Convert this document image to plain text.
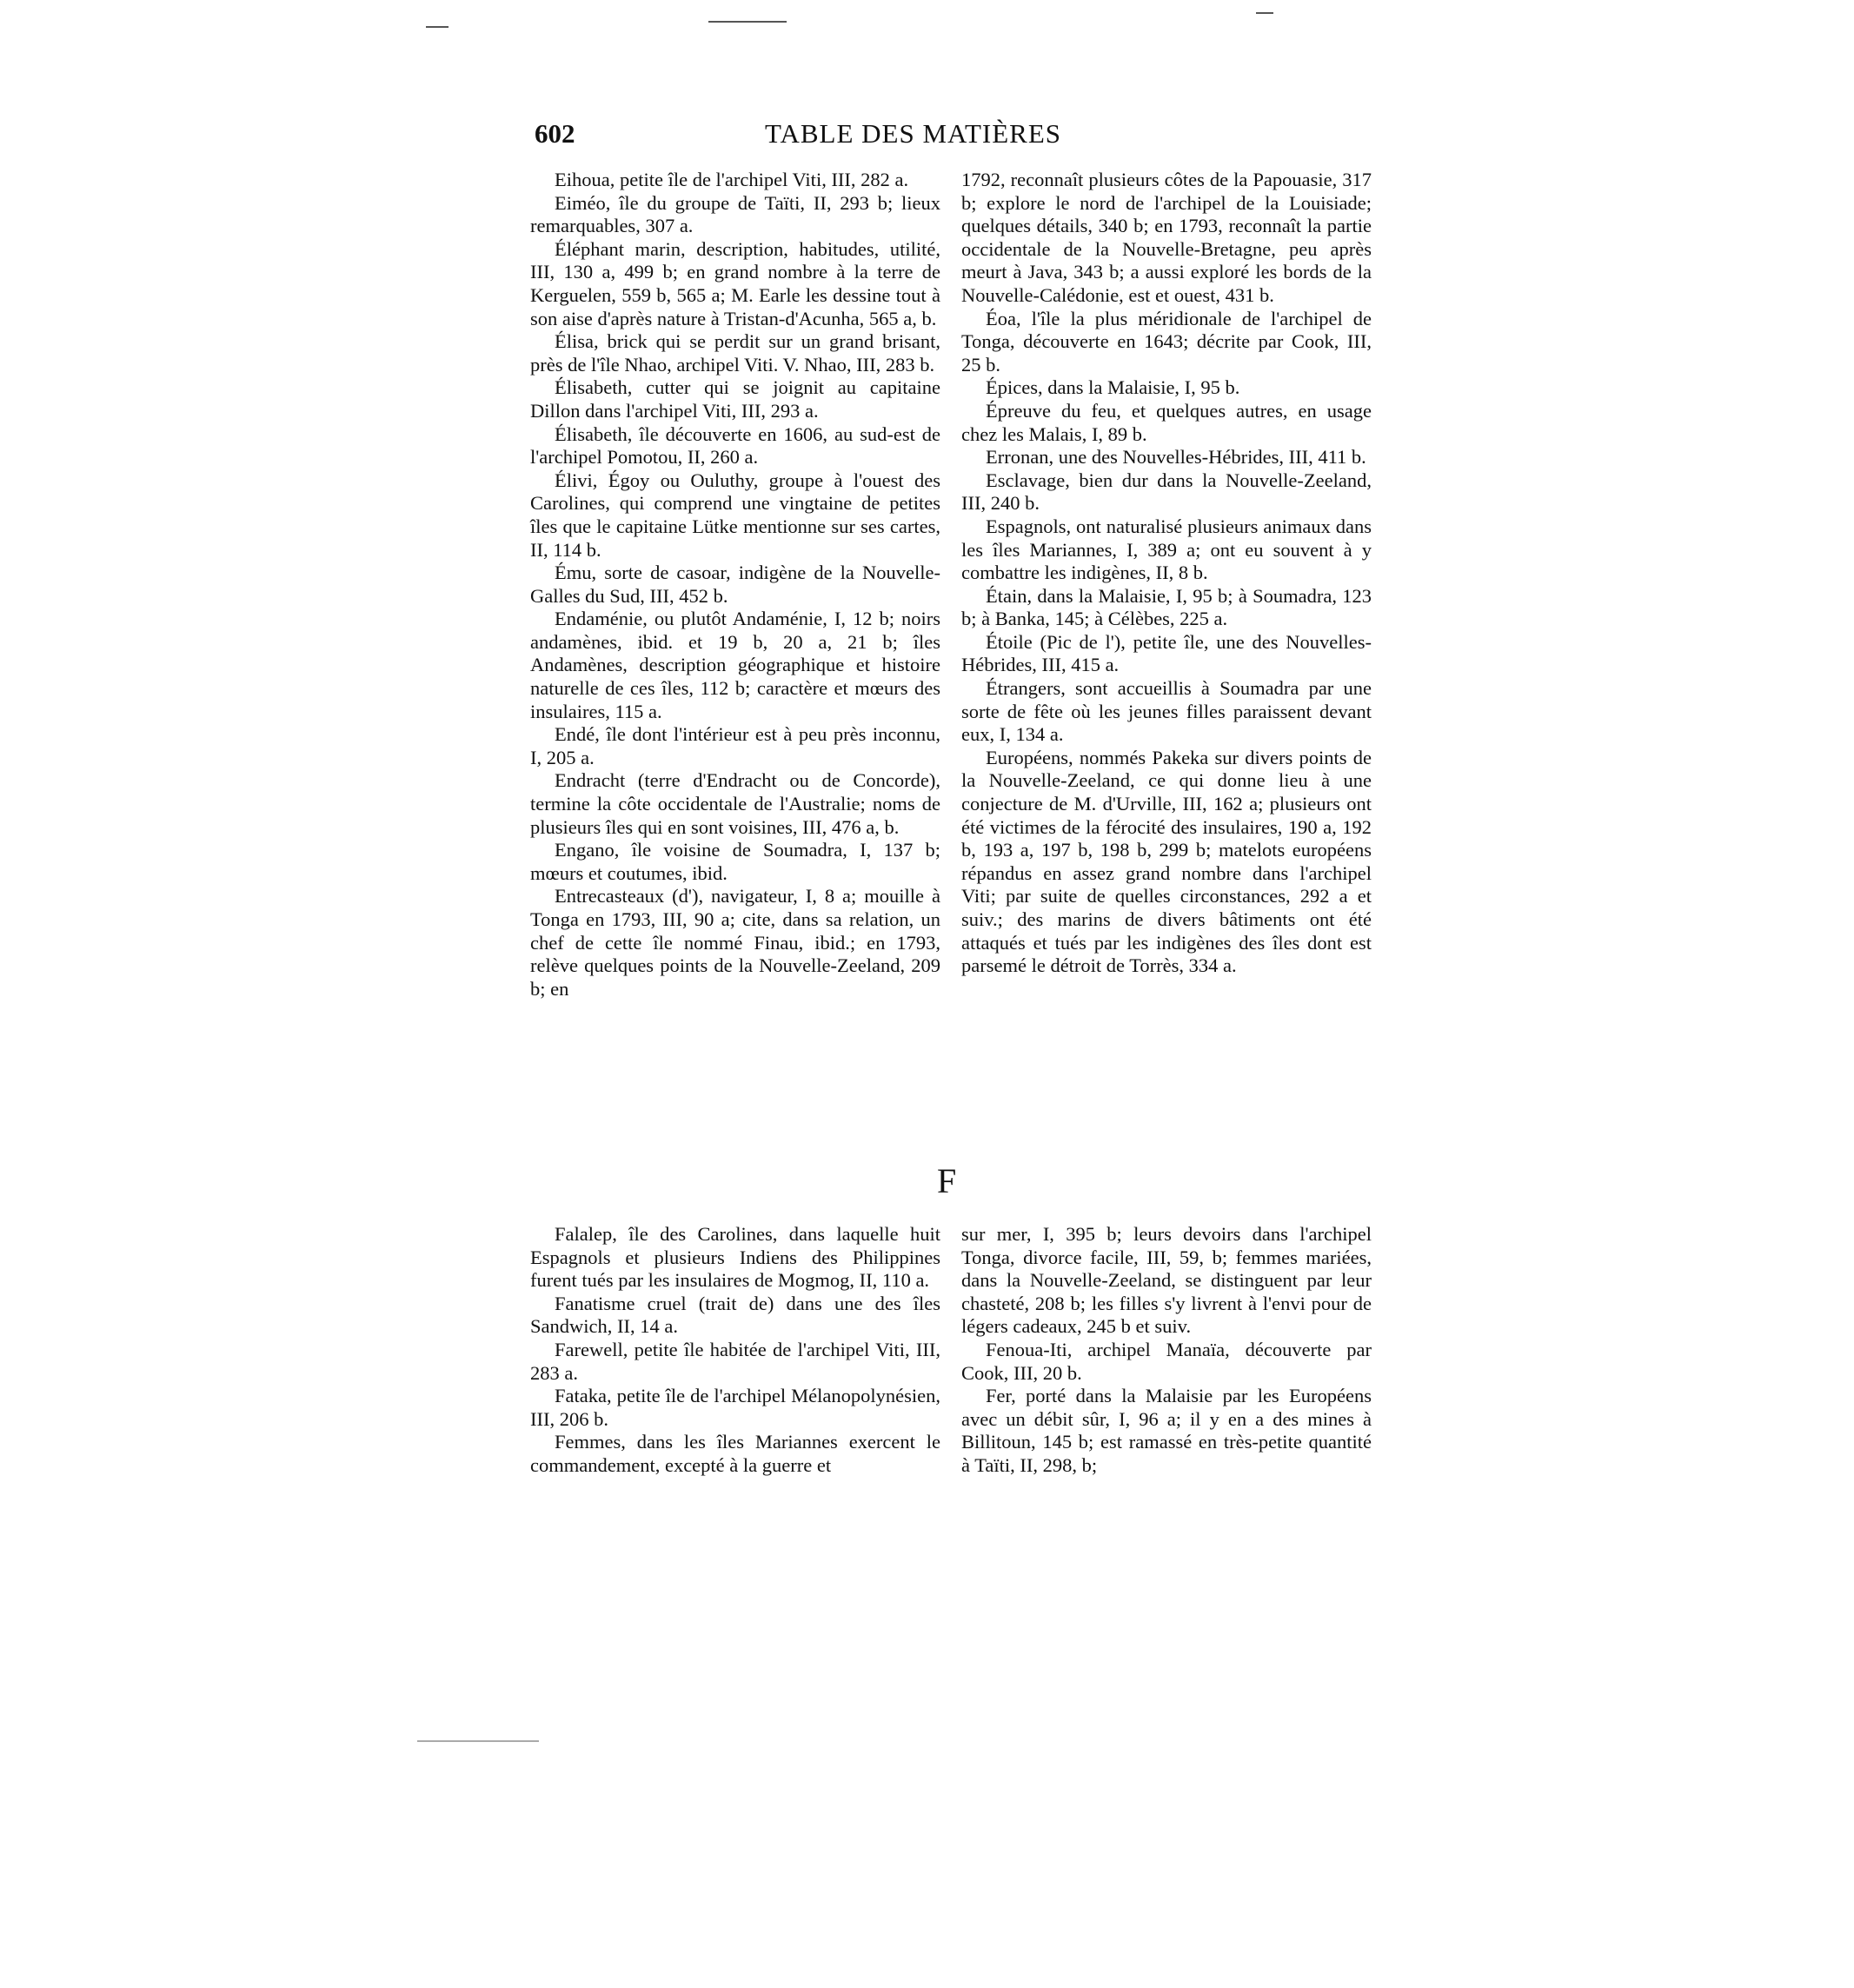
602	TABLE DES MATIÈRES

Eihoua, petite île de l'archipel Viti, III, 282 a.

Eiméo, île du groupe de Taïti, II, 293 b; lieux remarquables, 307 a.

Éléphant marin, description, habitudes, utilité, III, 130 a, 499 b; en grand nombre à la terre de Kerguelen, 559 b, 565 a; M. Earle les dessine tout à son aise d'après nature à Tristan-d'Acunha, 565 a, b.

Élisa, brick qui se perdit sur un grand brisant, près de l'île Nhao, archipel Viti. V. Nhao, III, 283 b.

Élisabeth, cutter qui se joignit au capitaine Dillon dans l'archipel Viti, III, 293 a.

Élisabeth, île découverte en 1606, au sud-est de l'archipel Pomotou, II, 260 a.

Élivi, Égoy ou Ouluthy, groupe à l'ouest des Carolines, qui comprend une vingtaine de petites îles que le capitaine Lütke mentionne sur ses cartes, II, 114 b.

Ému, sorte de casoar, indigène de la Nouvelle-Galles du Sud, III, 452 b.

Endaménie, ou plutôt Andaménie, I, 12 b; noirs andamènes, ibid. et 19 b, 20 a, 21 b; îles Andamènes, description géographique et histoire naturelle de ces îles, 112 b; caractère et mœurs des insulaires, 115 a.

Endé, île dont l'intérieur est à peu près inconnu, I, 205 a.

Endracht (terre d'Endracht ou de Concorde), termine la côte occidentale de l'Australie; noms de plusieurs îles qui en sont voisines, III, 476 a, b.

Engano, île voisine de Soumadra, I, 137 b; mœurs et coutumes, ibid.

Entrecasteaux (d'), navigateur, I, 8 a; mouille à Tonga en 1793, III, 90 a; cite, dans sa relation, un chef de cette île nommé Finau, ibid.; en 1793, relève quelques points de la Nouvelle-Zeeland, 209 b; en

1792, reconnaît plusieurs côtes de la Papouasie, 317 b; explore le nord de l'archipel de la Louisiade; quelques détails, 340 b; en 1793, reconnaît la partie occidentale de la Nouvelle-Bretagne, peu après meurt à Java, 343 b; a aussi exploré les bords de la Nouvelle-Calédonie, est et ouest, 431 b.

Éoa, l'île la plus méridionale de l'archipel de Tonga, découverte en 1643; décrite par Cook, III, 25 b.

Épices, dans la Malaisie, I, 95 b.

Épreuve du feu, et quelques autres, en usage chez les Malais, I, 89 b.

Erronan, une des Nouvelles-Hébrides, III, 411 b.

Esclavage, bien dur dans la Nouvelle-Zeeland, III, 240 b.

Espagnols, ont naturalisé plusieurs animaux dans les îles Mariannes, I, 389 a; ont eu souvent à y combattre les indigènes, II, 8 b.

Étain, dans la Malaisie, I, 95 b; à Soumadra, 123 b; à Banka, 145; à Célèbes, 225 a.

Étoile (Pic de l'), petite île, une des Nouvelles-Hébrides, III, 415 a.

Étrangers, sont accueillis à Soumadra par une sorte de fête où les jeunes filles paraissent devant eux, I, 134 a.

Européens, nommés Pakeka sur divers points de la Nouvelle-Zeeland, ce qui donne lieu à une conjecture de M. d'Urville, III, 162 a; plusieurs ont été victimes de la férocité des insulaires, 190 a, 192 b, 193 a, 197 b, 198 b, 299 b; matelots européens répandus en assez grand nombre dans l'archipel Viti; par suite de quelles circonstances, 292 a et suiv.; des marins de divers bâtiments ont été attaqués et tués par les indigènes des îles dont est parsemé le détroit de Torrès, 334 a.

F

Falalep, île des Carolines, dans laquelle huit Espagnols et plusieurs Indiens des Philippines furent tués par les insulaires de Mogmog, II, 110 a.

Fanatisme cruel (trait de) dans une des îles Sandwich, II, 14 a.

Farewell, petite île habitée de l'archipel Viti, III, 283 a.

Fataka, petite île de l'archipel Mélanopolynésien, III, 206 b.

Femmes, dans les îles Mariannes exercent le commandement, excepté à la guerre et

sur mer, I, 395 b; leurs devoirs dans l'archipel Tonga, divorce facile, III, 59, b; femmes mariées, dans la Nouvelle-Zeeland, se distinguent par leur chasteté, 208 b; les filles s'y livrent à l'envi pour de légers cadeaux, 245 b et suiv.

Fenoua-Iti, archipel Manaïa, découverte par Cook, III, 20 b.

Fer, porté dans la Malaisie par les Européens avec un débit sûr, I, 96 a; il y en a des mines à Billitoun, 145 b; est ramassé en très-petite quantité à Taïti, II, 298, b;
